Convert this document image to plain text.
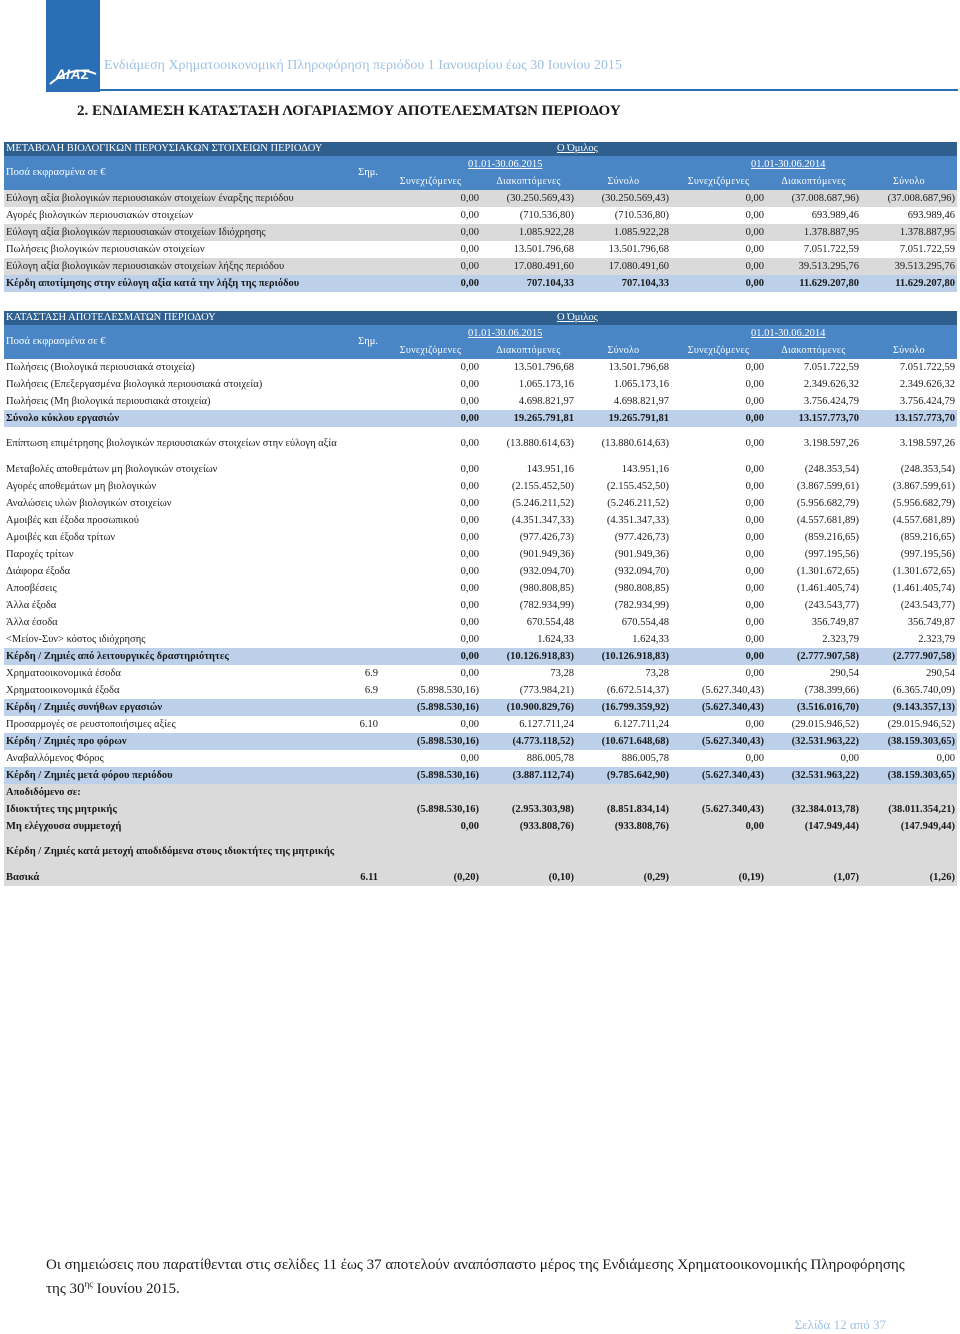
ΔΙΑΣ
Ενδιάμεση Χρηματοοικονομική Πληροφόρηση περιόδου 1 Ιανουαρίου έως 30 Ιουνίου 2015
2. ΕΝΔΙΑΜΕΣΗ ΚΑΤΑΣΤΑΣΗ ΛΟΓΑΡΙΑΣΜΟΥ ΑΠΟΤΕΛΕΣΜΑΤΩΝ ΠΕΡΙΟΔΟΥ
ΜΕΤΑΒΟΛΗ ΒΙΟΛΟΓΙΚΩΝ ΠΕΡΟΥΣΙΑΚΩΝ ΣΤΟΙΧΕΙΩΝ ΠΕΡΙΟΔΟΥ			Ο Όμιλος				
Ποσά εκφρασμένα σε €	Σημ.	01.01-30.06.2015			01.01-30.06.2014		
		Συνεχιζόμενες	Διακοπτόμενες	Σύνολο	Συνεχιζόμενες	Διακοπτόμενες	Σύνολο
Εύλογη αξία βιολογικών περιουσιακών στοιχείων έναρξης περιόδου		0,00	(30.250.569,43)	(30.250.569,43)	0,00	(37.008.687,96)	(37.008.687,96)
Αγορές βιολογικών περιουσιακών στοιχείων		0,00	(710.536,80)	(710.536,80)	0,00	693.989,46	693.989,46
Εύλογη αξία βιολογικών περιουσιακών στοιχείων Ιδιόχρησης		0,00	1.085.922,28	1.085.922,28	0,00	1.378.887,95	1.378.887,95
Πωλήσεις βιολογικών περιουσιακών στοιχείων		0,00	13.501.796,68	13.501.796,68	0,00	7.051.722,59	7.051.722,59
Εύλογη αξία βιολογικών περιουσιακών στοιχείων λήξης περιόδου		0,00	17.080.491,60	17.080.491,60	0,00	39.513.295,76	39.513.295,76
Κέρδη αποτίμησης στην εύλογη αξία κατά την λήξη της περιόδου		0,00	707.104,33	707.104,33	0,00	11.629.207,80	11.629.207,80
ΚΑΤΑΣΤΑΣΗ ΑΠΟΤΕΛΕΣΜΑΤΩΝ ΠΕΡΙΟΔΟΥ			Ο Όμιλος				
Ποσά εκφρασμένα σε €	Σημ.	01.01-30.06.2015			01.01-30.06.2014		
		Συνεχιζόμενες	Διακοπτόμενες	Σύνολο	Συνεχιζόμενες	Διακοπτόμενες	Σύνολο
Πωλήσεις (Βιολογικά περιουσιακά στοιχεία)		0,00	13.501.796,68	13.501.796,68	0,00	7.051.722,59	7.051.722,59
Πωλήσεις (Επεξεργασμένα βιολογικά περιουσιακά στοιχεία)		0,00	1.065.173,16	1.065.173,16	0,00	2.349.626,32	2.349.626,32
Πωλήσεις (Μη βιολογικά περιουσιακά στοιχεία)		0,00	4.698.821,97	4.698.821,97	0,00	3.756.424,79	3.756.424,79
Σύνολο κύκλου εργασιών		0,00	19.265.791,81	19.265.791,81	0,00	13.157.773,70	13.157.773,70
Επίπτωση επιμέτρησης βιολογικών περιουσιακών στοιχείων στην εύλογη αξία		0,00	(13.880.614,63)	(13.880.614,63)	0,00	3.198.597,26	3.198.597,26
Μεταβολές αποθεμάτων μη βιολογικών στοιχείων		0,00	143.951,16	143.951,16	0,00	(248.353,54)	(248.353,54)
Αγορές αποθεμάτων μη βιολογικών		0,00	(2.155.452,50)	(2.155.452,50)	0,00	(3.867.599,61)	(3.867.599,61)
Αναλώσεις υλών βιολογικών στοιχείων		0,00	(5.246.211,52)	(5.246.211,52)	0,00	(5.956.682,79)	(5.956.682,79)
Αμοιβές και έξοδα προσωπικού		0,00	(4.351.347,33)	(4.351.347,33)	0,00	(4.557.681,89)	(4.557.681,89)
Αμοιβές και έξοδα τρίτων		0,00	(977.426,73)	(977.426,73)	0,00	(859.216,65)	(859.216,65)
Παροχές τρίτων		0,00	(901.949,36)	(901.949,36)	0,00	(997.195,56)	(997.195,56)
Διάφορα έξοδα		0,00	(932.094,70)	(932.094,70)	0,00	(1.301.672,65)	(1.301.672,65)
Αποσβέσεις		0,00	(980.808,85)	(980.808,85)	0,00	(1.461.405,74)	(1.461.405,74)
Άλλα έξοδα		0,00	(782.934,99)	(782.934,99)	0,00	(243.543,77)	(243.543,77)
Άλλα έσοδα		0,00	670.554,48	670.554,48	0,00	356.749,87	356.749,87
<Μείον-Συν> κόστος ιδιόχρησης		0,00	1.624,33	1.624,33	0,00	2.323,79	2.323,79
Κέρδη / Ζημιές από λειτουργικές δραστηριότητες		0,00	(10.126.918,83)	(10.126.918,83)	0,00	(2.777.907,58)	(2.777.907,58)
Χρηματοοικονομικά έσοδα	6.9	0,00	73,28	73,28	0,00	290,54	290,54
Χρηματοοικονομικά έξοδα	6.9	(5.898.530,16)	(773.984,21)	(6.672.514,37)	(5.627.340,43)	(738.399,66)	(6.365.740,09)
Κέρδη / Ζημιές συνήθων εργασιών		(5.898.530,16)	(10.900.829,76)	(16.799.359,92)	(5.627.340,43)	(3.516.016,70)	(9.143.357,13)
Προσαρμογές σε ρευστοποιήσιμες αξίες	6.10	0,00	6.127.711,24	6.127.711,24	0,00	(29.015.946,52)	(29.015.946,52)
Κέρδη / Ζημιές προ φόρων		(5.898.530,16)	(4.773.118,52)	(10.671.648,68)	(5.627.340,43)	(32.531.963,22)	(38.159.303,65)
Αναβαλλόμενος Φόρος		0,00	886.005,78	886.005,78	0,00	0,00	0,00
Κέρδη / Ζημιές μετά φόρου περιόδου		(5.898.530,16)	(3.887.112,74)	(9.785.642,90)	(5.627.340,43)	(32.531.963,22)	(38.159.303,65)
Αποδιδόμενο σε:							
Ιδιοκτήτες της μητρικής		(5.898.530,16)	(2.953.303,98)	(8.851.834,14)	(5.627.340,43)	(32.384.013,78)	(38.011.354,21)
Μη ελέγχουσα συμμετοχή		0,00	(933.808,76)	(933.808,76)	0,00	(147.949,44)	(147.949,44)
Κέρδη / Ζημιές κατά μετοχή αποδιδόμενα στους ιδιοκτήτες της μητρικής							
Βασικά	6.11	(0,20)	(0,10)	(0,29)	(0,19)	(1,07)	(1,26)
Οι σημειώσεις που παρατίθενται στις σελίδες 11 έως 37 αποτελούν αναπόσπαστο μέρος της Ενδιάμεσης Χρηματοοικονομικής Πληροφόρησης της $30^{\eta\varsigma}$ Ιουνίου 2015.
Σελίδα 12 από 37
